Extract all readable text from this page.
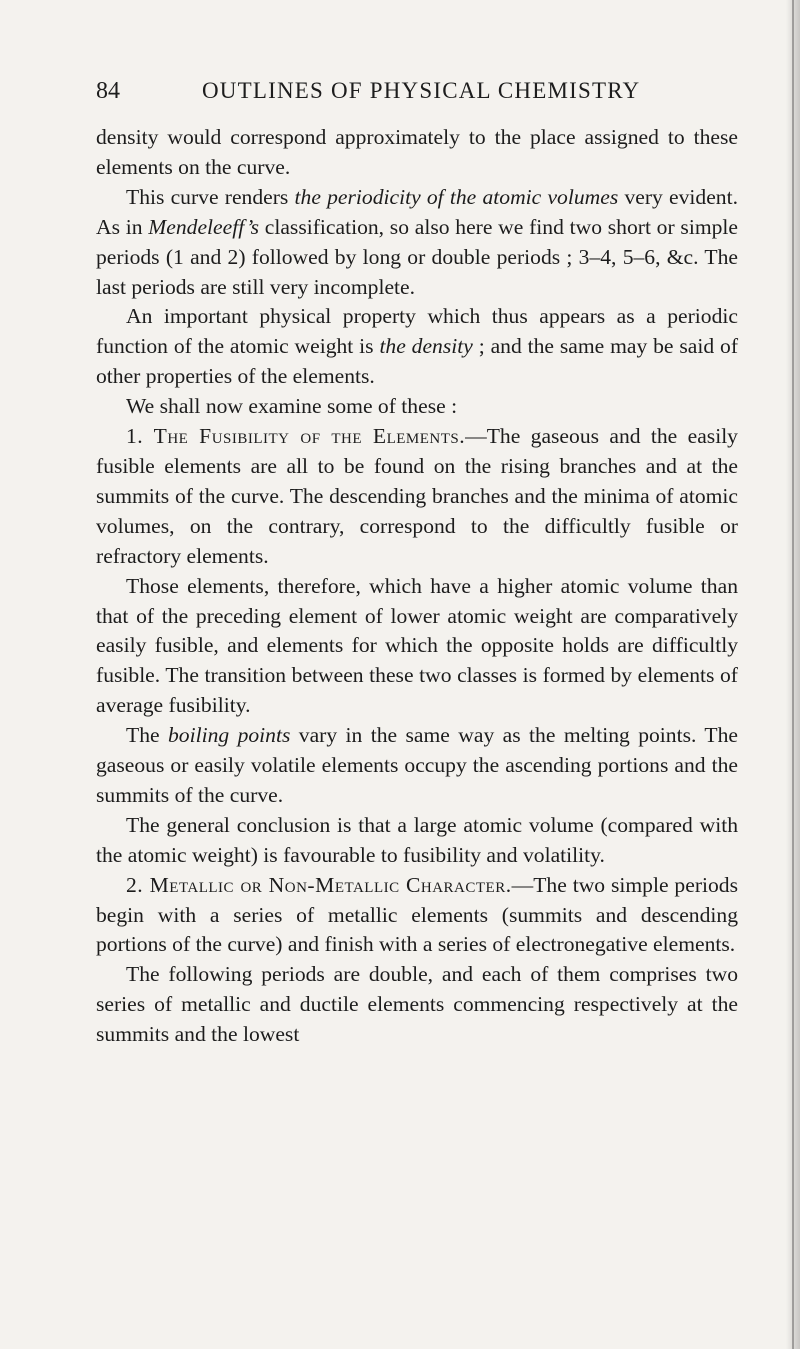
84	OUTLINES OF PHYSICAL CHEMISTRY

density would correspond approximately to the place assigned to these elements on the curve.

This curve renders the periodicity of the atomic volumes very evident. As in Mendeleeff’s classification, so also here we find two short or simple periods (1 and 2) followed by long or double periods ; 3–4, 5–6, &c. The last periods are still very incomplete.

An important physical property which thus appears as a periodic function of the atomic weight is the density ; and the same may be said of other properties of the elements.

We shall now examine some of these :

1. The Fusibility of the Elements.—The gaseous and the easily fusible elements are all to be found on the rising branches and at the summits of the curve. The descending branches and the minima of atomic volumes, on the contrary, correspond to the difficultly fusible or refractory elements.

Those elements, therefore, which have a higher atomic volume than that of the preceding element of lower atomic weight are comparatively easily fusible, and elements for which the opposite holds are difficultly fusible. The transition between these two classes is formed by elements of average fusibility.

The boiling points vary in the same way as the melting points. The gaseous or easily volatile elements occupy the ascending portions and the summits of the curve.

The general conclusion is that a large atomic volume (compared with the atomic weight) is favourable to fusibility and volatility.

2. Metallic or Non-Metallic Character.—The two simple periods begin with a series of metallic elements (summits and descending portions of the curve) and finish with a series of electronegative elements.

The following periods are double, and each of them comprises two series of metallic and ductile elements commencing respectively at the summits and the lowest
